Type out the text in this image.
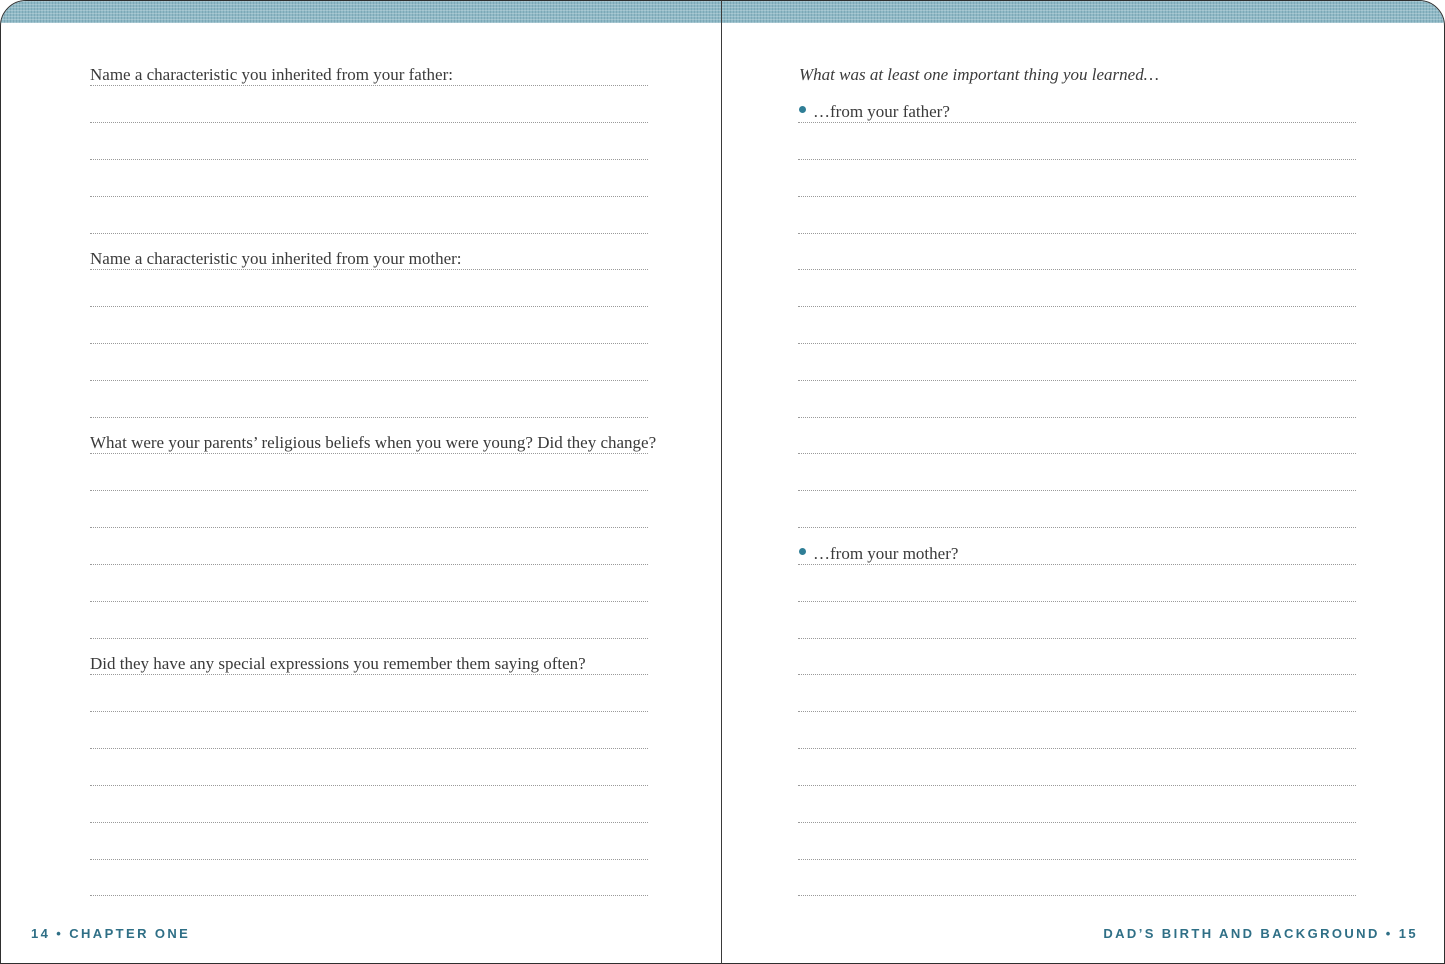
Name a characteristic you inherited from your father:
Name a characteristic you inherited from your mother:
What were your parents’ religious beliefs when you were young? Did they change?
Did they have any special expressions you remember them saying often?
What was at least one important thing you learned…
…from your father?
…from your mother?
14 • CHAPTER ONE	DAD’S BIRTH AND BACKGROUND • 15
